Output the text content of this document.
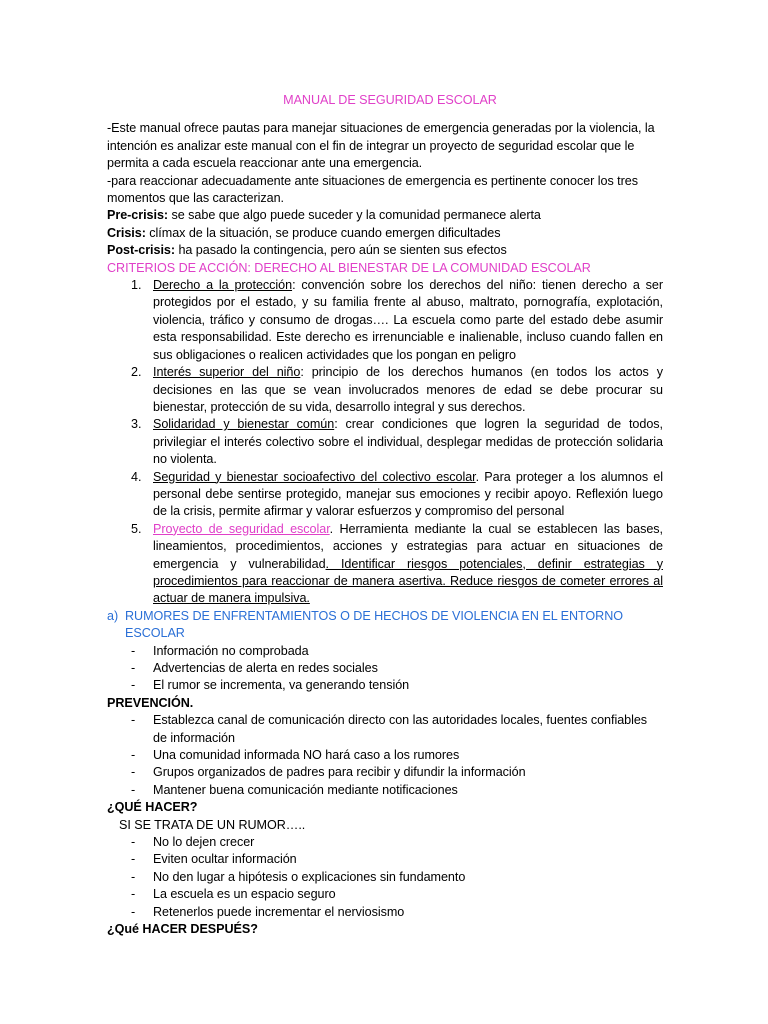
MANUAL DE SEGURIDAD ESCOLAR

-Este manual ofrece pautas para manejar situaciones de emergencia generadas por la violencia, la intención es analizar este manual con el fin de integrar un proyecto de seguridad escolar que le permita a cada escuela reaccionar ante una emergencia.

-para reaccionar adecuadamente ante situaciones de emergencia es pertinente conocer los tres momentos que las caracterizan.

Pre-crisis: se sabe que algo puede suceder y la comunidad permanece alerta

Crisis: clímax de la situación, se produce cuando emergen dificultades

Post-crisis: ha pasado la contingencia, pero aún se sienten sus efectos

CRITERIOS DE ACCIÓN: DERECHO AL BIENESTAR DE LA COMUNIDAD ESCOLAR

1. Derecho a la protección: convención sobre los derechos del niño: tienen derecho a ser protegidos por el estado, y su familia frente al abuso, maltrato, pornografía, explotación, violencia, tráfico y consumo de drogas…. La escuela como parte del estado debe asumir esta responsabilidad. Este derecho es irrenunciable e inalienable, incluso cuando fallen en sus obligaciones o realicen actividades que los pongan en peligro
2. Interés superior del niño: principio de los derechos humanos (en todos los actos y decisiones en las que se vean involucrados menores de edad se debe procurar su bienestar, protección de su vida, desarrollo integral y sus derechos.
3. Solidaridad y bienestar común: crear condiciones que logren la seguridad de todos, privilegiar el interés colectivo sobre el individual, desplegar medidas de protección solidaria no violenta.
4. Seguridad y bienestar socioafectivo del colectivo escolar. Para proteger a los alumnos el personal debe sentirse protegido, manejar sus emociones y recibir apoyo. Reflexión luego de la crisis, permite afirmar y valorar esfuerzos y compromiso del personal
5. Proyecto de seguridad escolar. Herramienta mediante la cual se establecen las bases, lineamientos, procedimientos, acciones y estrategias para actuar en situaciones de emergencia y vulnerabilidad. Identificar riesgos potenciales, definir estrategias y procedimientos para reaccionar de manera asertiva. Reduce riesgos de cometer errores al actuar de manera impulsiva.

a) RUMORES DE ENFRENTAMIENTOS O DE HECHOS DE VIOLENCIA EN EL ENTORNO ESCOLAR

- Información no comprobada
- Advertencias de alerta en redes sociales
- El rumor se incrementa, va generando tensión

PREVENCIÓN.

- Establezca canal de comunicación directo con las autoridades locales, fuentes confiables de información
- Una comunidad informada NO hará caso a los rumores
- Grupos organizados de padres para recibir y difundir la información
- Mantener buena comunicación mediante notificaciones

¿QUÉ HACER?

SI SE TRATA DE UN RUMOR…..

- No lo dejen crecer
- Eviten ocultar información
- No den lugar a hipótesis o explicaciones sin fundamento
- La escuela es un espacio seguro
- Retenerlos puede incrementar el nerviosismo

¿Qué HACER DESPUÉS?
